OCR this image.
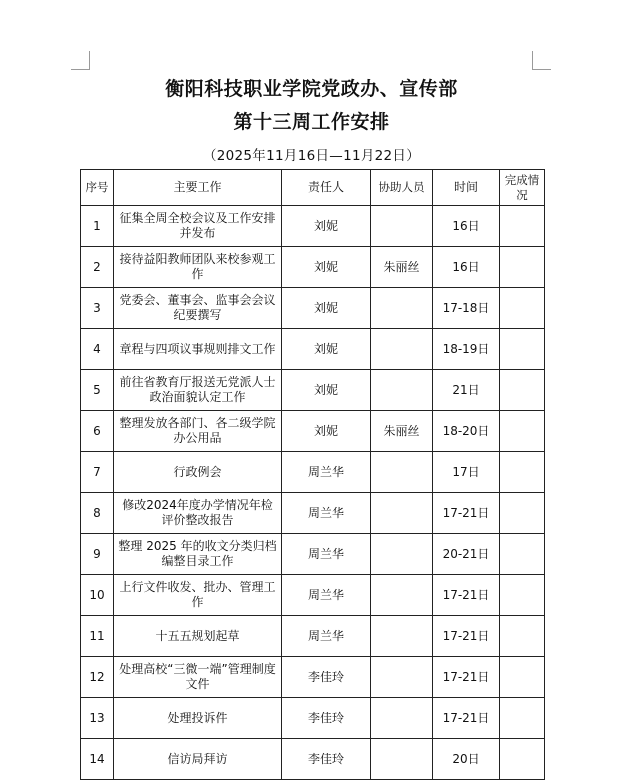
衡阳科技职业学院党政办、宣传部
第十三周工作安排
（2025年11月16日—11月22日）
序号	主要工作	责任人	协助人员	时间	完成情况
1	征集全周全校会议及工作安排并发布	刘妮		16日	
2	接待益阳教师团队来校参观工作	刘妮	朱丽丝	16日	
3	党委会、董事会、监事会会议纪要撰写	刘妮		17-18日	
4	章程与四项议事规则排文工作	刘妮		18-19日	
5	前往省教育厅报送无党派人士政治面貌认定工作	刘妮		21日	
6	整理发放各部门、各二级学院办公用品	刘妮	朱丽丝	18-20日	
7	行政例会	周兰华		17日	
8	修改2024年度办学情况年检评价整改报告	周兰华		17-21日	
9	整理 2025 年的收文分类归档编整目录工作	周兰华		20-21日	
10	上行文件收发、批办、管理工作	周兰华		17-21日	
11	十五五规划起草	周兰华		17-21日	
12	处理高校“三微一端”管理制度文件	李佳玲		17-21日	
13	处理投诉件	李佳玲		17-21日	
14	信访局拜访	李佳玲		20日	
